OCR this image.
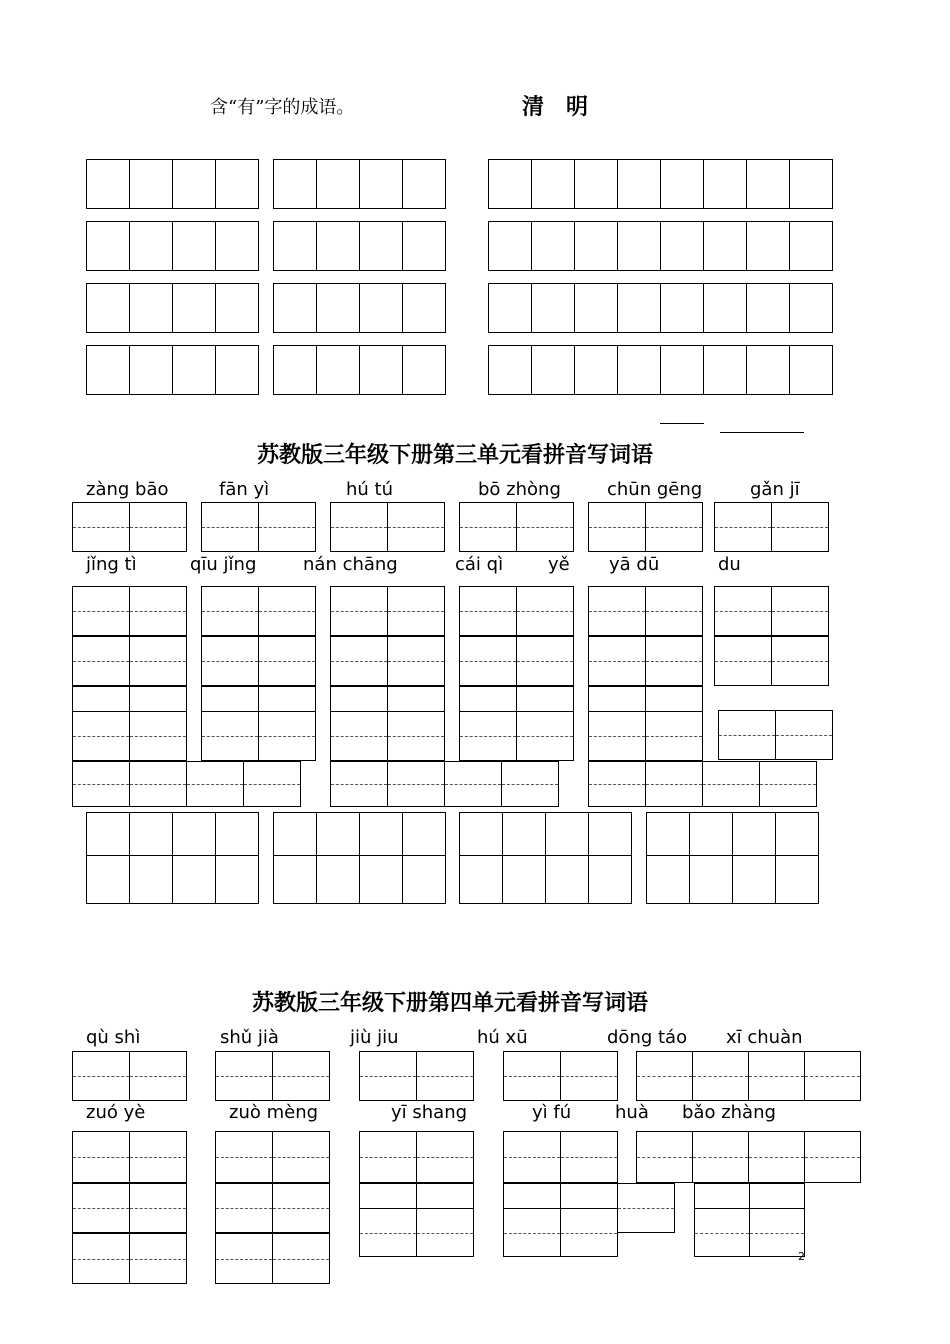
含“有”字的成语。	清明
苏教版三年级下册第三单元看拼音写词语
zàng bāo	fān yì	hú tú	bō zhòng	chūn gēng	gǎn jī
jǐng tì	qīu jǐng	nán chāng	cái qì yě yā dū	du
苏教版三年级下册第四单元看拼音写词语
qù shì	shǔ jià	jiù jiu	hú xū	dōng táo xī chuàn
zuó yè	zuò mèng	yī shang	yì fú huà bǎo zhàng
2
